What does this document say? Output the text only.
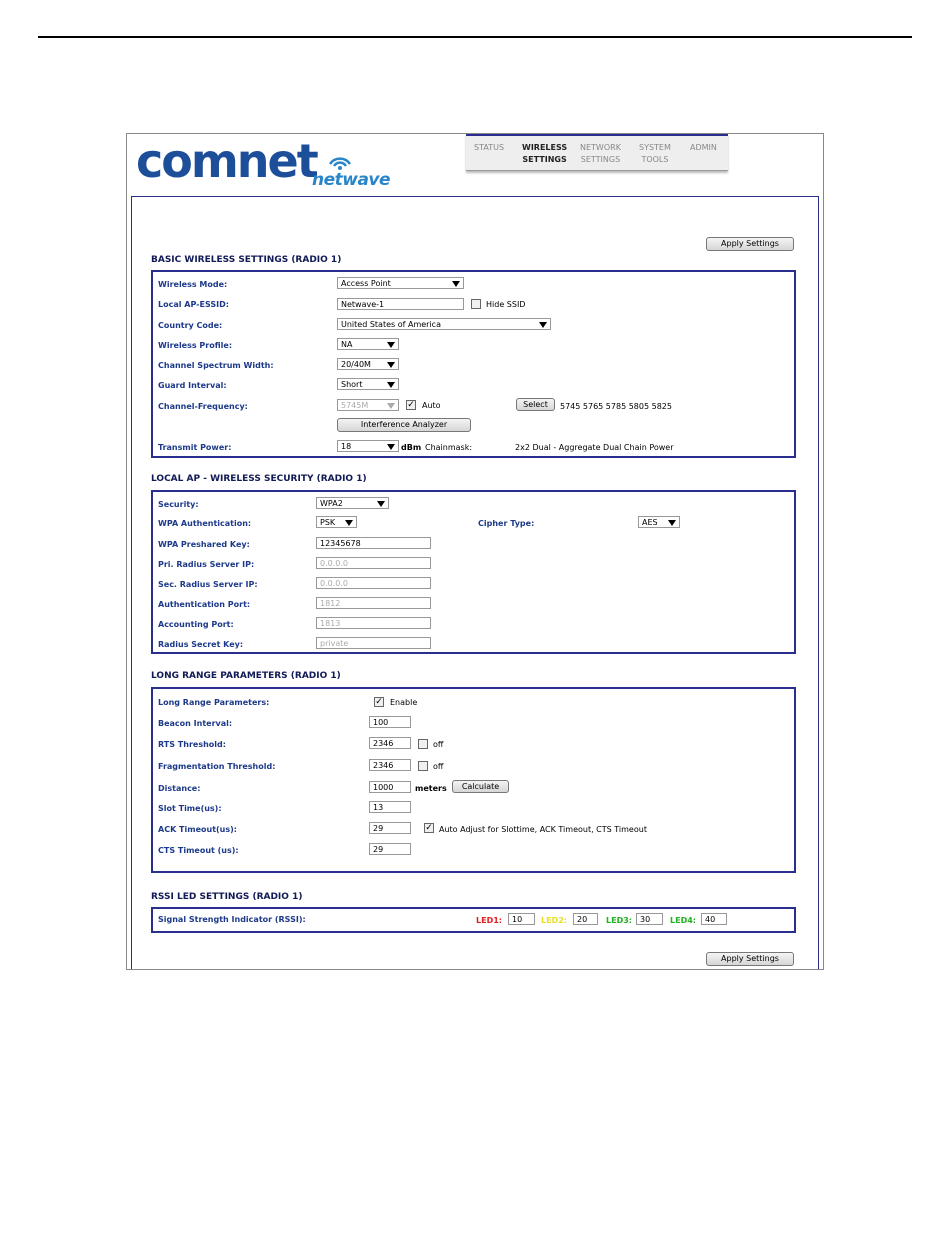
comnet
netwave
STATUS WIRELESS
SETTINGS
NETWORK
SETTINGS
SYSTEM
TOOLS
ADMIN
Apply Settings
BASIC WIRELESS SETTINGS (RADIO 1)
Wireless Mode:	Access Point
Local AP-ESSID:	Netwave-1	Hide SSID
Country Code:	United States of America
Wireless Profile:	NA
Channel Spectrum Width:	20/40M
Guard Interval:	Short
Channel-Frequency:	5745M	✓ Auto	Select	5745 5765 5785 5805 5825
Interference Analyzer
Transmit Power:	18	dBm Chainmask:	2x2 Dual - Aggregate Dual Chain Power
LOCAL AP - WIRELESS SECURITY (RADIO 1)
Security:	WPA2
WPA Authentication:	PSK	Cipher Type:	AES
WPA Preshared Key:	12345678
Pri. Radius Server IP:	0.0.0.0
Sec. Radius Server IP:	0.0.0.0
Authentication Port:	1812
Accounting Port:	1813
Radius Secret Key:	private
LONG RANGE PARAMETERS (RADIO 1)
Long Range Parameters:	✓ Enable
Beacon Interval:	100
RTS Threshold:	2346	off
Fragmentation Threshold:	2346	off
Distance:	1000	meters	Calculate
Slot Time(us):	13
ACK Timeout(us):	29	✓ Auto Adjust for Slottime, ACK Timeout, CTS Timeout
CTS Timeout (us):	29
RSSI LED SETTINGS (RADIO 1)
Signal Strength Indicator (RSSI):	LED1:	10	LED2:	20	LED3:	30	LED4:	40
Apply Settings
